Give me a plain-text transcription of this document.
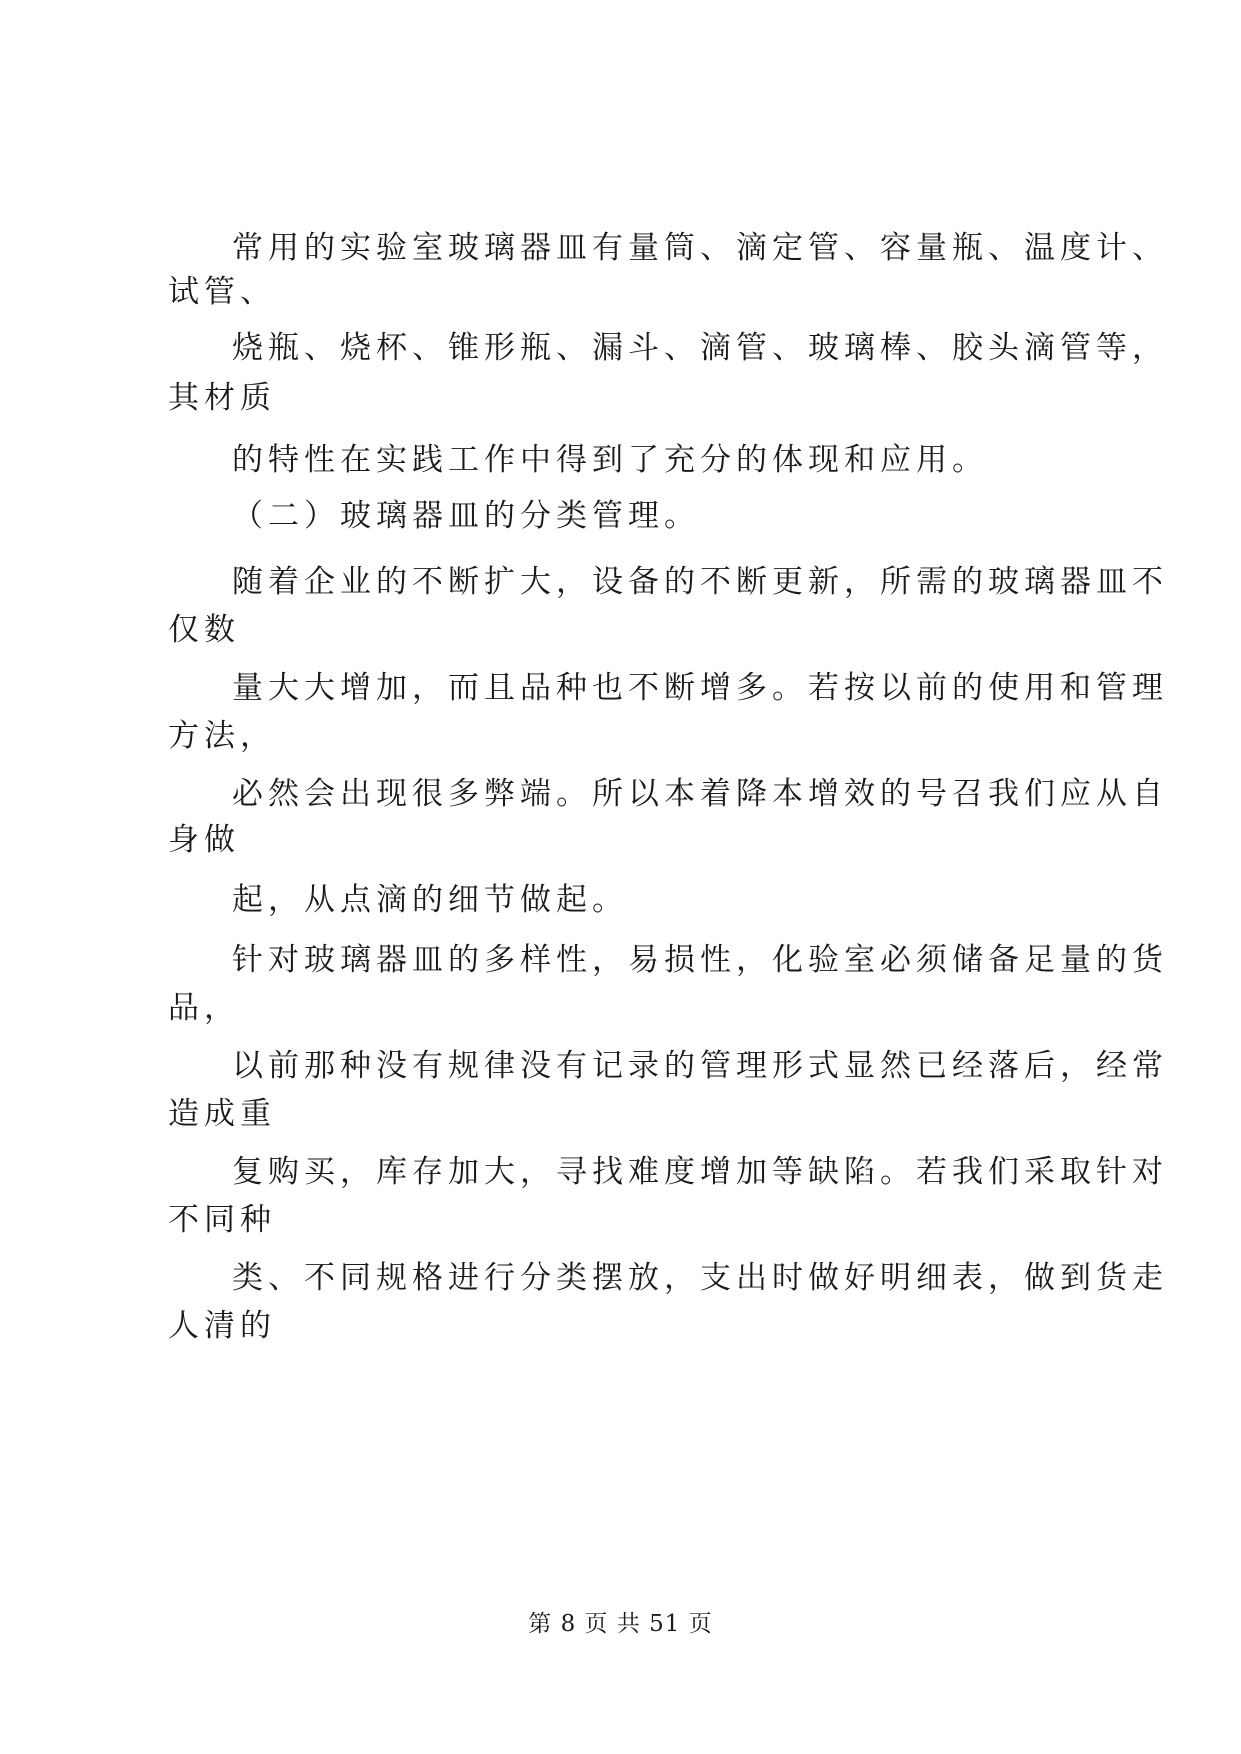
常用的实验室玻璃器皿有量筒、滴定管、容量瓶、温度计、
试管、
烧瓶、烧杯、锥形瓶、漏斗、滴管、玻璃棒、胶头滴管等，
其材质
的特性在实践工作中得到了充分的体现和应用。
（二）玻璃器皿的分类管理。
随着企业的不断扩大，设备的不断更新，所需的玻璃器皿不
仅数
量大大增加，而且品种也不断增多。若按以前的使用和管理
方法，
必然会出现很多弊端。所以本着降本增效的号召我们应从自
身做
起，从点滴的细节做起。
针对玻璃器皿的多样性，易损性，化验室必须储备足量的货
品，
以前那种没有规律没有记录的管理形式显然已经落后，经常
造成重
复购买，库存加大，寻找难度增加等缺陷。若我们采取针对
不同种
类、不同规格进行分类摆放，支出时做好明细表，做到货走
人清的
第 8 页 共 51 页
